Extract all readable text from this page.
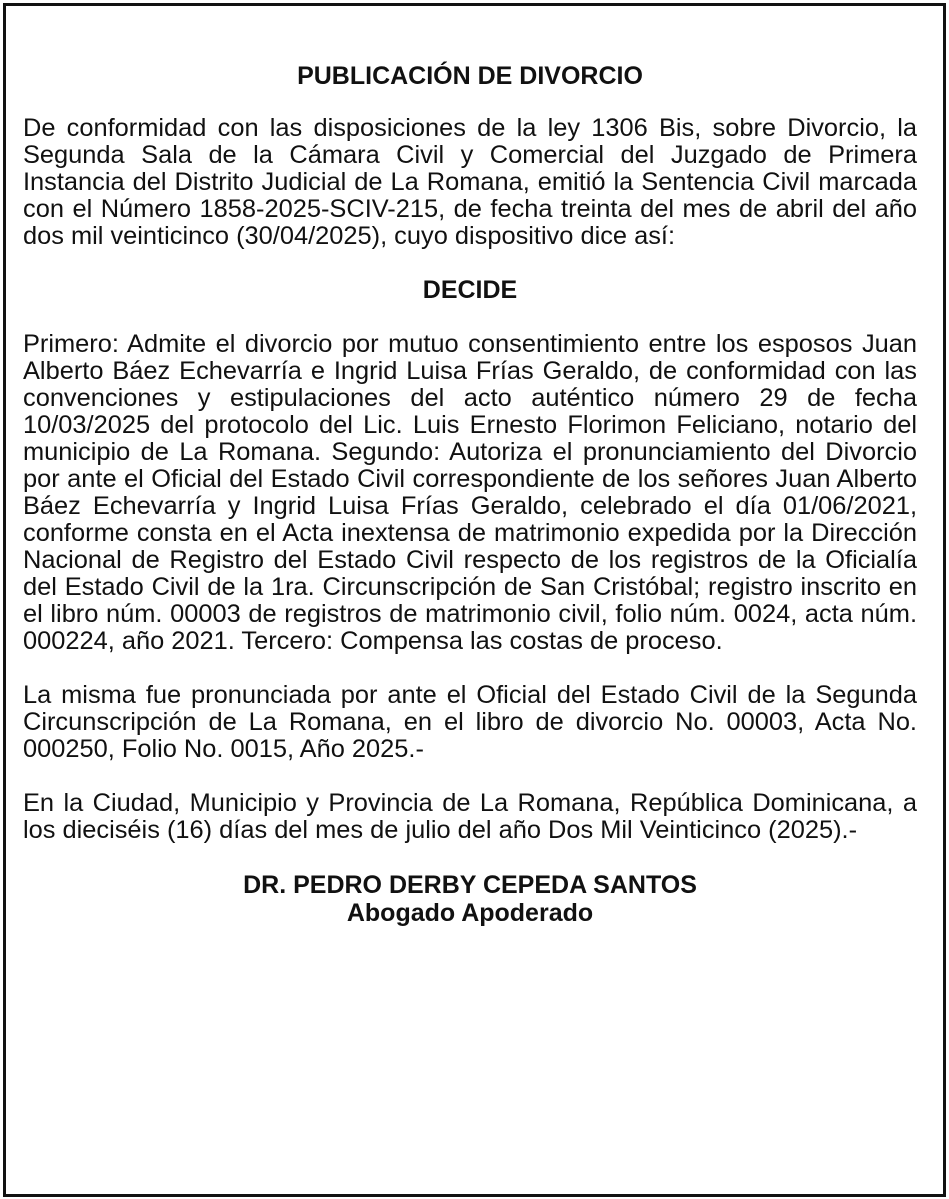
PUBLICACIÓN DE DIVORCIO

De conformidad con las disposiciones de la ley 1306 Bis, sobre Divorcio, la Segunda Sala de la Cámara Civil y Comercial del Juzgado de Primera Instancia del Distrito Judicial de La Romana, emitió la Sentencia Civil marcada con el Número 1858-2025-SCIV-215, de fecha treinta del mes de abril del año dos mil veinticinco (30/04/2025), cuyo dispositivo dice así:

DECIDE

Primero: Admite el divorcio por mutuo consentimiento entre los esposos Juan Alberto Báez Echevarría e Ingrid Luisa Frías Geraldo, de conformidad con las convenciones y estipulaciones del acto auténtico número 29 de fecha 10/03/2025 del protocolo del Lic. Luis Ernesto Florimon Feliciano, notario del municipio de La Romana. Segundo: Autoriza el pronunciamiento del Divorcio por ante el Oficial del Estado Civil correspondiente de los señores Juan Alberto Báez Echevarría y Ingrid Luisa Frías Geraldo, celebrado el día 01/06/2021, conforme consta en el Acta inextensa de matrimonio expedida por la Dirección Nacional de Registro del Estado Civil respecto de los registros de la Oficialía del Estado Civil de la 1ra. Circunscripción de San Cristóbal; registro inscrito en el libro núm. 00003 de registros de matrimonio civil, folio núm. 0024, acta núm. 000224, año 2021. Tercero: Compensa las costas de proceso.

La misma fue pronunciada por ante el Oficial del Estado Civil de la Segunda Circunscripción de La Romana, en el libro de divorcio No. 00003, Acta No. 000250, Folio No. 0015, Año 2025.-

En la Ciudad, Municipio y Provincia de La Romana, República Dominicana, a los dieciséis (16) días del mes de julio del año Dos Mil Veinticinco (2025).-

DR. PEDRO DERBY CEPEDA SANTOS
Abogado Apoderado
